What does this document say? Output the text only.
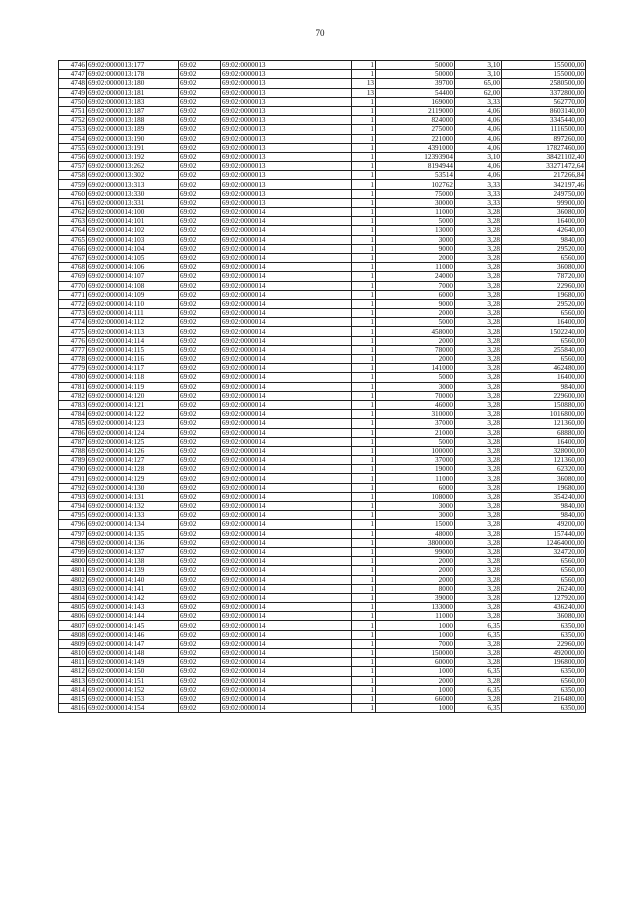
70
4746	69:02:0000013:177	69:02	69:02:0000013	1	50000	3,10	155000,00
4747	69:02:0000013:178	69:02	69:02:0000013	1	50000	3,10	155000,00
4748	69:02:0000013:180	69:02	69:02:0000013	13	39700	65,00	2580500,00
4749	69:02:0000013:181	69:02	69:02:0000013	13	54400	62,00	3372800,00
4750	69:02:0000013:183	69:02	69:02:0000013	1	169000	3,33	562770,00
4751	69:02:0000013:187	69:02	69:02:0000013	1	2119000	4,06	8603140,00
4752	69:02:0000013:188	69:02	69:02:0000013	1	824000	4,06	3345440,00
4753	69:02:0000013:189	69:02	69:02:0000013	1	275000	4,06	1116500,00
4754	69:02:0000013:190	69:02	69:02:0000013	1	221000	4,06	897260,00
4755	69:02:0000013:191	69:02	69:02:0000013	1	4391000	4,06	17827460,00
4756	69:02:0000013:192	69:02	69:02:0000013	1	12393904	3,10	38421102,40
4757	69:02:0000013:262	69:02	69:02:0000013	1	8194944	4,06	33271472,64
4758	69:02:0000013:302	69:02	69:02:0000013	1	53514	4,06	217266,84
4759	69:02:0000013:313	69:02	69:02:0000013	1	102762	3,33	342197,46
4760	69:02:0000013:330	69:02	69:02:0000013	1	75000	3,33	249750,00
4761	69:02:0000013:331	69:02	69:02:0000013	1	30000	3,33	99900,00
4762	69:02:0000014:100	69:02	69:02:0000014	1	11000	3,28	36080,00
4763	69:02:0000014:101	69:02	69:02:0000014	1	5000	3,28	16400,00
4764	69:02:0000014:102	69:02	69:02:0000014	1	13000	3,28	42640,00
4765	69:02:0000014:103	69:02	69:02:0000014	1	3000	3,28	9840,00
4766	69:02:0000014:104	69:02	69:02:0000014	1	9000	3,28	29520,00
4767	69:02:0000014:105	69:02	69:02:0000014	1	2000	3,28	6560,00
4768	69:02:0000014:106	69:02	69:02:0000014	1	11000	3,28	36080,00
4769	69:02:0000014:107	69:02	69:02:0000014	1	24000	3,28	78720,00
4770	69:02:0000014:108	69:02	69:02:0000014	1	7000	3,28	22960,00
4771	69:02:0000014:109	69:02	69:02:0000014	1	6000	3,28	19680,00
4772	69:02:0000014:110	69:02	69:02:0000014	1	9000	3,28	29520,00
4773	69:02:0000014:111	69:02	69:02:0000014	1	2000	3,28	6560,00
4774	69:02:0000014:112	69:02	69:02:0000014	1	5000	3,28	16400,00
4775	69:02:0000014:113	69:02	69:02:0000014	1	458000	3,28	1502240,00
4776	69:02:0000014:114	69:02	69:02:0000014	1	2000	3,28	6560,00
4777	69:02:0000014:115	69:02	69:02:0000014	1	78000	3,28	255840,00
4778	69:02:0000014:116	69:02	69:02:0000014	1	2000	3,28	6560,00
4779	69:02:0000014:117	69:02	69:02:0000014	1	141000	3,28	462480,00
4780	69:02:0000014:118	69:02	69:02:0000014	1	5000	3,28	16400,00
4781	69:02:0000014:119	69:02	69:02:0000014	1	3000	3,28	9840,00
4782	69:02:0000014:120	69:02	69:02:0000014	1	70000	3,28	229600,00
4783	69:02:0000014:121	69:02	69:02:0000014	1	46000	3,28	150880,00
4784	69:02:0000014:122	69:02	69:02:0000014	1	310000	3,28	1016800,00
4785	69:02:0000014:123	69:02	69:02:0000014	1	37000	3,28	121360,00
4786	69:02:0000014:124	69:02	69:02:0000014	1	21000	3,28	68880,00
4787	69:02:0000014:125	69:02	69:02:0000014	1	5000	3,28	16400,00
4788	69:02:0000014:126	69:02	69:02:0000014	1	100000	3,28	328000,00
4789	69:02:0000014:127	69:02	69:02:0000014	1	37000	3,28	121360,00
4790	69:02:0000014:128	69:02	69:02:0000014	1	19000	3,28	62320,00
4791	69:02:0000014:129	69:02	69:02:0000014	1	11000	3,28	36080,00
4792	69:02:0000014:130	69:02	69:02:0000014	1	6000	3,28	19680,00
4793	69:02:0000014:131	69:02	69:02:0000014	1	108000	3,28	354240,00
4794	69:02:0000014:132	69:02	69:02:0000014	1	3000	3,28	9840,00
4795	69:02:0000014:133	69:02	69:02:0000014	1	3000	3,28	9840,00
4796	69:02:0000014:134	69:02	69:02:0000014	1	15000	3,28	49200,00
4797	69:02:0000014:135	69:02	69:02:0000014	1	48000	3,28	157440,00
4798	69:02:0000014:136	69:02	69:02:0000014	1	3800000	3,28	12464000,00
4799	69:02:0000014:137	69:02	69:02:0000014	1	99000	3,28	324720,00
4800	69:02:0000014:138	69:02	69:02:0000014	1	2000	3,28	6560,00
4801	69:02:0000014:139	69:02	69:02:0000014	1	2000	3,28	6560,00
4802	69:02:0000014:140	69:02	69:02:0000014	1	2000	3,28	6560,00
4803	69:02:0000014:141	69:02	69:02:0000014	1	8000	3,28	26240,00
4804	69:02:0000014:142	69:02	69:02:0000014	1	39000	3,28	127920,00
4805	69:02:0000014:143	69:02	69:02:0000014	1	133000	3,28	436240,00
4806	69:02:0000014:144	69:02	69:02:0000014	1	11000	3,28	36080,00
4807	69:02:0000014:145	69:02	69:02:0000014	1	1000	6,35	6350,00
4808	69:02:0000014:146	69:02	69:02:0000014	1	1000	6,35	6350,00
4809	69:02:0000014:147	69:02	69:02:0000014	1	7000	3,28	22960,00
4810	69:02:0000014:148	69:02	69:02:0000014	1	150000	3,28	492000,00
4811	69:02:0000014:149	69:02	69:02:0000014	1	60000	3,28	196800,00
4812	69:02:0000014:150	69:02	69:02:0000014	1	1000	6,35	6350,00
4813	69:02:0000014:151	69:02	69:02:0000014	1	2000	3,28	6560,00
4814	69:02:0000014:152	69:02	69:02:0000014	1	1000	6,35	6350,00
4815	69:02:0000014:153	69:02	69:02:0000014	1	66000	3,28	216480,00
4816	69:02:0000014:154	69:02	69:02:0000014	1	1000	6,35	6350,00
